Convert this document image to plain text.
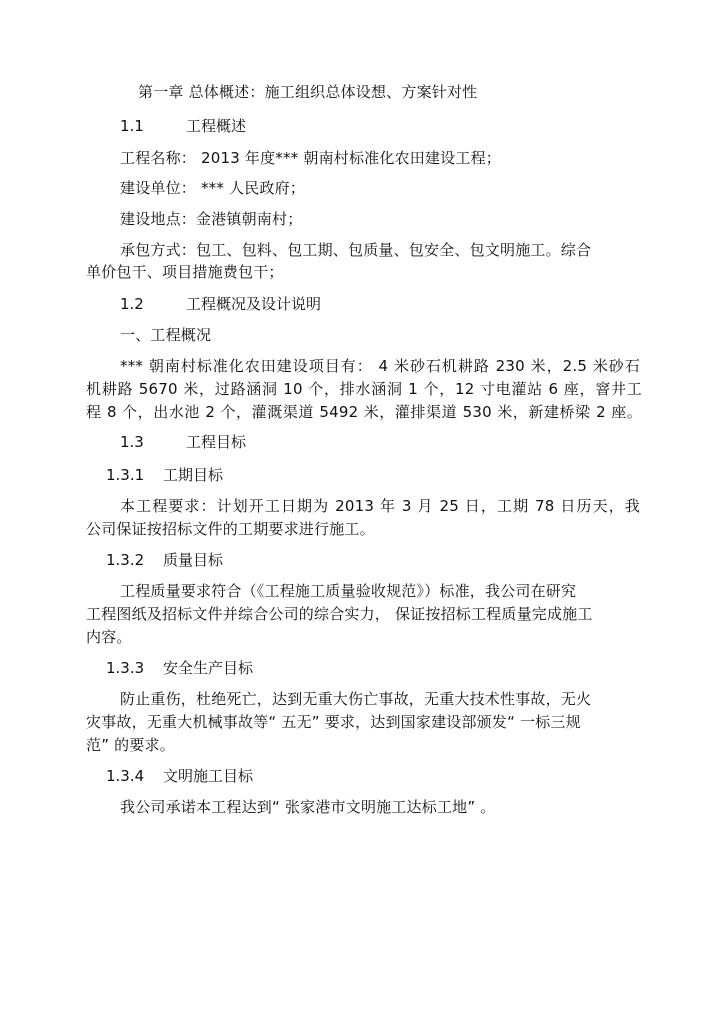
第一章 总体概述：施工组织总体设想、方案针对性
1.1	工程概述
工程名称： 2013 年度*** 朝南村标准化农田建设工程；
建设单位： *** 人民政府；
建设地点：金港镇朝南村；
承包方式：包工、包料、包工期、包质量、包安全、包文明施工。综合
单价包干、项目措施费包干；
1.2	工程概况及设计说明
一、工程概况
*** 朝南村标准化农田建设项目有： 4 米砂石机耕路 230 米，2.5 米砂石
机耕路 5670 米，过路涵洞 10 个，排水涵洞 1 个，12 寸电灌站 6 座，窨井工
程 8 个，出水池 2 个，灌溉渠道 5492 米，灌排渠道 530 米，新建桥梁 2 座。
1.3	工程目标
1.3.1 工期目标
本工程要求：计划开工日期为 2013 年 3 月 25 日，工期 78 日历天，我
公司保证按招标文件的工期要求进行施工。
1.3.2 质量目标
工程质量要求符合（《工程施工质量验收规范》）标准，我公司在研究
工程图纸及招标文件并综合公司的综合实力， 保证按招标工程质量完成施工
内容。
1.3.3 安全生产目标
防止重伤，杜绝死亡，达到无重大伤亡事故，无重大技术性事故，无火
灾事故，无重大机械事故等“ 五无” 要求，达到国家建设部颁发“ 一标三规
范” 的要求。
1.3.4 文明施工目标
我公司承诺本工程达到“ 张家港市文明施工达标工地” 。
